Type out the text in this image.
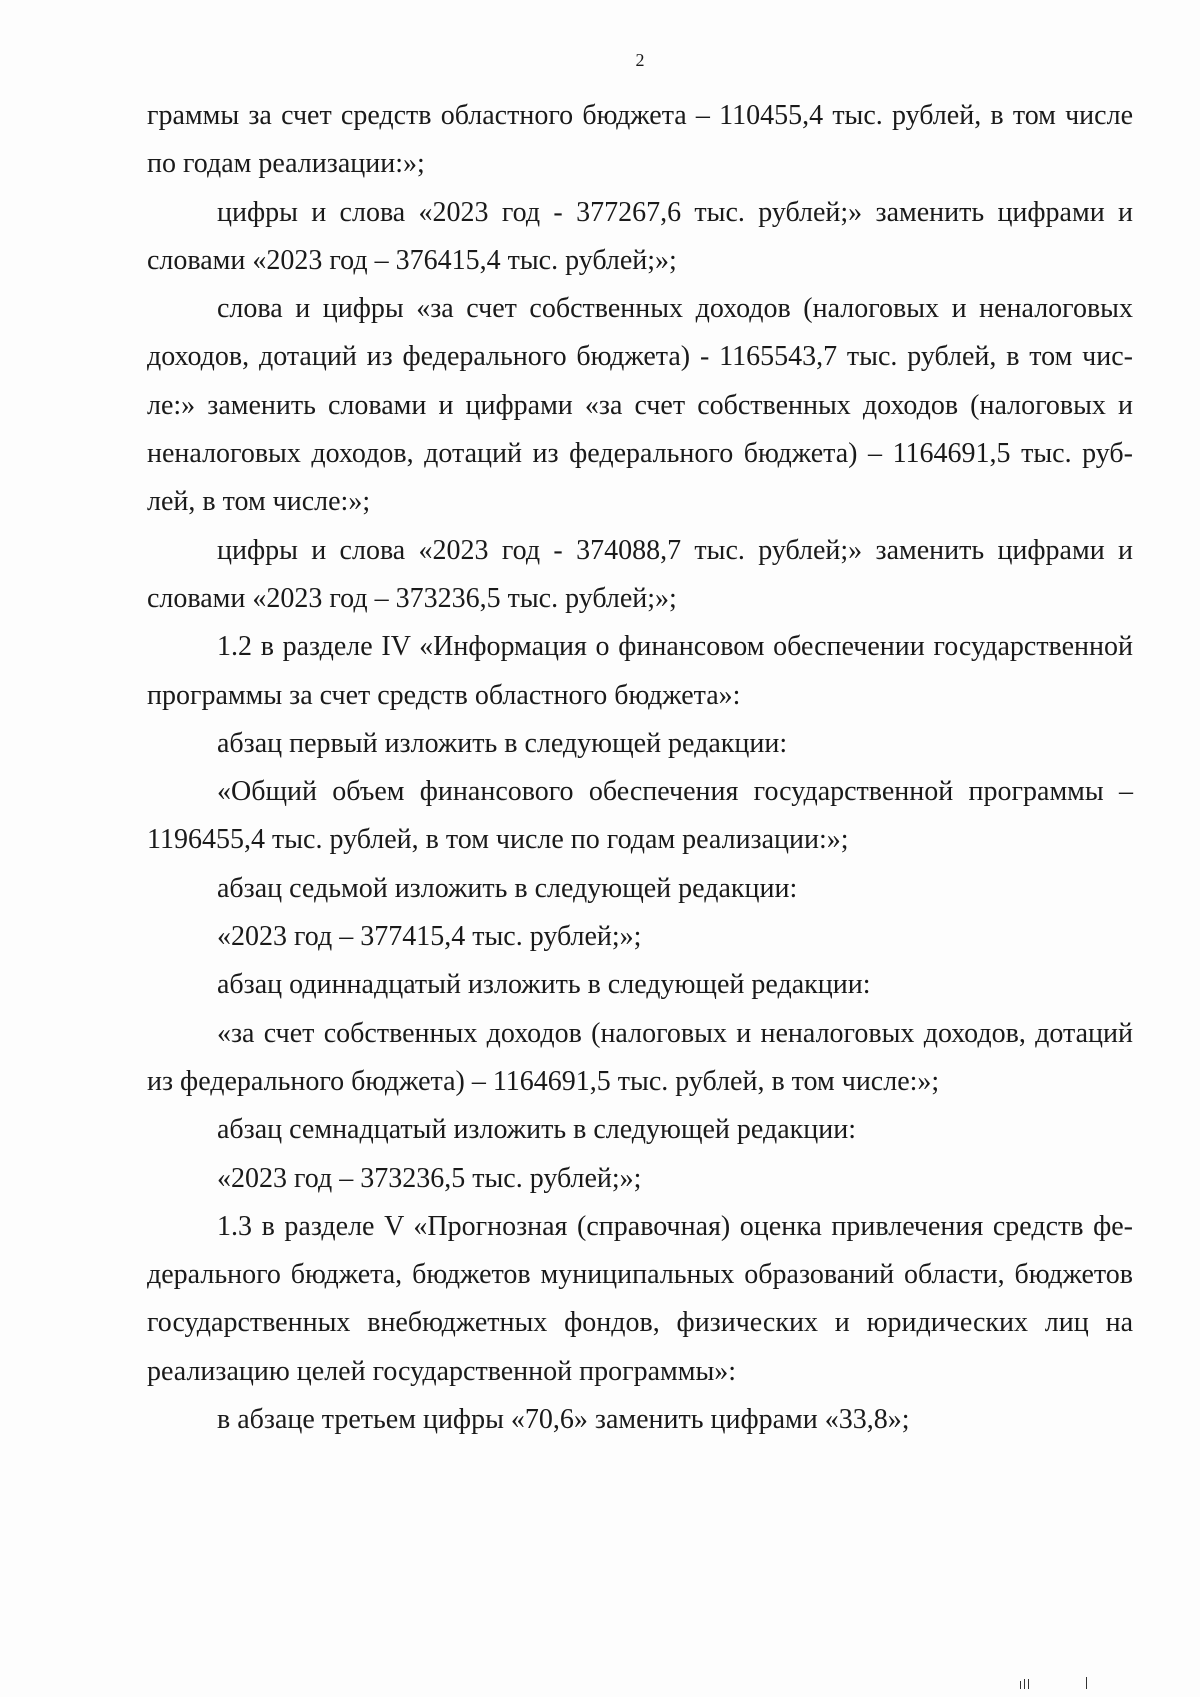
2

граммы за счет средств областного бюджета – 110455,4 тыс. рублей, в том числе по годам реализации:»;

цифры и слова «2023 год - 377267,6 тыс. рублей;» заменить цифрами и словами «2023 год – 376415,4 тыс. рублей;»;

слова и цифры «за счет собственных доходов (налоговых и неналоговых доходов, дотаций из федерального бюджета) - 1165543,7 тыс. рублей, в том числе:» заменить словами и цифрами «за счет собственных доходов (налоговых и неналоговых доходов, дотаций из федерального бюджета) – 1164691,5 тыс. рублей, в том числе:»;

цифры и слова «2023 год - 374088,7 тыс. рублей;» заменить цифрами и словами «2023 год – 373236,5 тыс. рублей;»;

1.2 в разделе IV «Информация о финансовом обеспечении государственной программы за счет средств областного бюджета»:

абзац первый изложить в следующей редакции:

«Общий объем финансового обеспечения государственной программы – 1196455,4 тыс. рублей, в том числе по годам реализации:»;

абзац седьмой изложить в следующей редакции:

«2023 год – 377415,4 тыс. рублей;»;

абзац одиннадцатый изложить в следующей редакции:

«за счет собственных доходов (налоговых и неналоговых доходов, дотаций из федерального бюджета) – 1164691,5 тыс. рублей, в том числе:»;

абзац семнадцатый изложить в следующей редакции:

«2023 год – 373236,5 тыс. рублей;»;

1.3 в разделе V «Прогнозная (справочная) оценка привлечения средств федерального бюджета, бюджетов муниципальных образований области, бюджетов государственных внебюджетных фондов, физических и юридических лиц на реализацию целей государственной программы»:

в абзаце третьем цифры «70,6» заменить цифрами «33,8»;
